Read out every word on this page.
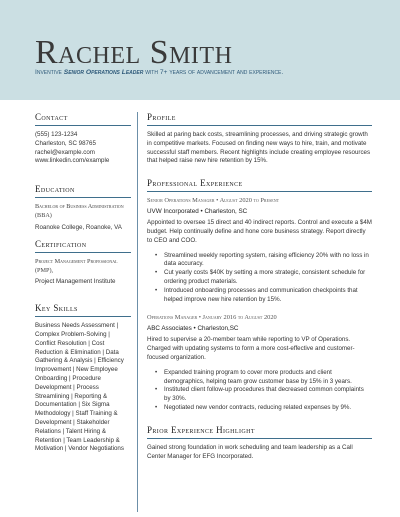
Rachel Smith
Inventive Senior Operations Leader with 7+ years of advancement and experience.
Contact
(555) 123-1234
Charleston, SC 98765
rachel@example.com
www.linkedin.com/example
Education
Bachelor of Business Administration (BBA)
Roanoke College, Roanoke, VA
Certification
Project Management Professional (PMP),
Project Management Institute
Key Skills
Business Needs Assessment | Complex Problem-Solving | Conflict Resolution | Cost Reduction & Elimination | Data Gathering & Analysis | Efficiency Improvement | New Employee Onboarding | Procedure Development | Process Streamlining | Reporting & Documentation | Six Sigma Methodology | Staff Training & Development | Stakeholder Relations | Talent Hiring & Retention | Team Leadership & Motivation | Vendor Negotiations
Profile
Skilled at paring back costs, streamlining processes, and driving strategic growth in competitive markets. Focused on finding new ways to hire, train, and motivate successful staff members. Recent highlights include creating employee resources that helped raise new hire retention by 15%.
Professional Experience
Senior Operations Manager • August 2020 to Present
UVW Incorporated • Charleston, SC
Appointed to oversee 15 direct and 40 indirect reports. Control and execute a $4M budget. Help continually define and hone core business strategy. Report directly to CEO and COO.
• Streamlined weekly reporting system, raising efficiency 20% with no loss in data accuracy.
• Cut yearly costs $40K by setting a more strategic, consistent schedule for ordering product materials.
• Introduced onboarding processes and communication checkpoints that helped improve new hire retention by 15%.
Operations Manager • January 2016 to August 2020
ABC Associates • Charleston,SC
Hired to supervise a 20-member team while reporting to VP of Operations. Charged with updating systems to form a more cost-effective and customer-focused organization.
• Expanded training program to cover more products and client demographics, helping team grow customer base by 15% in 3 years.
• Instituted client follow-up procedures that decreased common complaints by 30%.
• Negotiated new vendor contracts, reducing related expenses by 9%.
Prior Experience Highlight
Gained strong foundation in work scheduling and team leadership as a Call Center Manager for EFG Incorporated.
